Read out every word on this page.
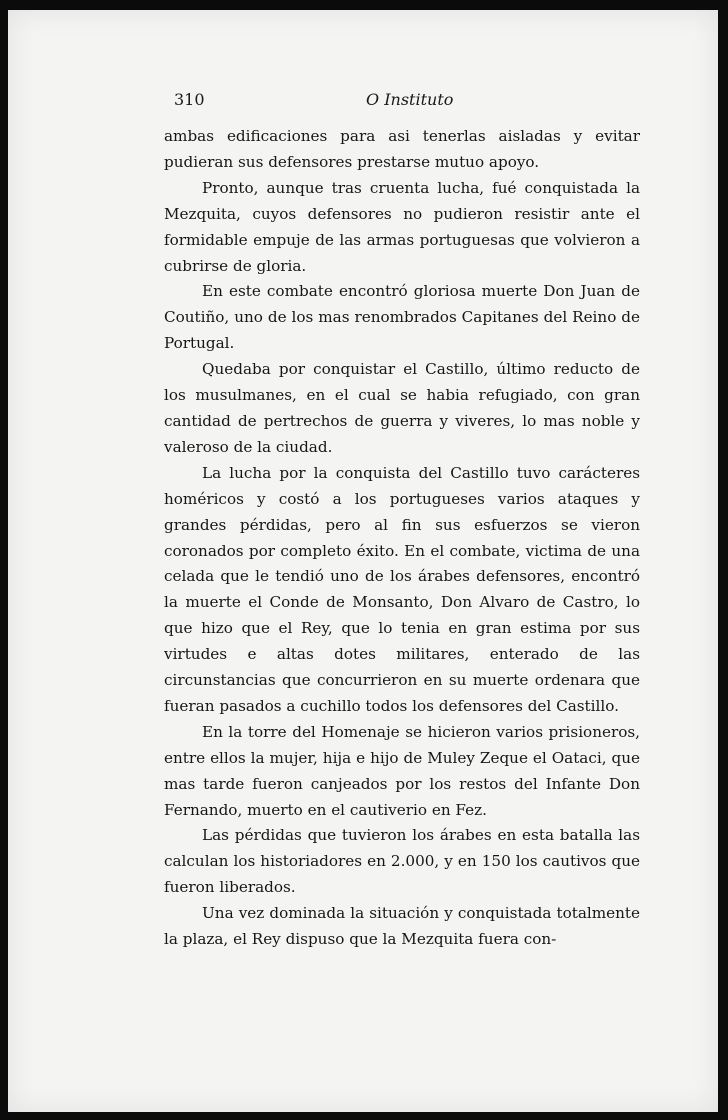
310	O Instituto

ambas edificaciones para asi tenerlas aisladas y evitar pudieran sus defensores prestarse mutuo apoyo.

Pronto, aunque tras cruenta lucha, fué conquistada la Mezquita, cuyos defensores no pudieron resistir ante el formidable empuje de las armas portuguesas que volvieron a cubrirse de gloria.

En este combate encontró gloriosa muerte Don Juan de Coutiño, uno de los mas renombrados Capitanes del Reino de Portugal.

Quedaba por conquistar el Castillo, último reducto de los musulmanes, en el cual se habia refugiado, con gran cantidad de pertrechos de guerra y viveres, lo mas noble y valeroso de la ciudad.

La lucha por la conquista del Castillo tuvo carácteres homéricos y costó a los portugueses varios ataques y grandes pérdidas, pero al fin sus esfuerzos se vieron coronados por completo éxito. En el combate, victima de una celada que le tendió uno de los árabes defensores, encontró la muerte el Conde de Monsanto, Don Alvaro de Castro, lo que hizo que el Rey, que lo tenia en gran estima por sus virtudes e altas dotes militares, enterado de las circunstancias que concurrieron en su muerte ordenara que fueran pasados a cuchillo todos los defensores del Castillo.

En la torre del Homenaje se hicieron varios prisioneros, entre ellos la mujer, hija e hijo de Muley Zeque el Oataci, que mas tarde fueron canjeados por los restos del Infante Don Fernando, muerto en el cautiverio en Fez.

Las pérdidas que tuvieron los árabes en esta batalla las calculan los historiadores en 2.000, y en 150 los cautivos que fueron liberados.

Una vez dominada la situación y conquistada totalmente la plaza, el Rey dispuso que la Mezquita fuera con-
